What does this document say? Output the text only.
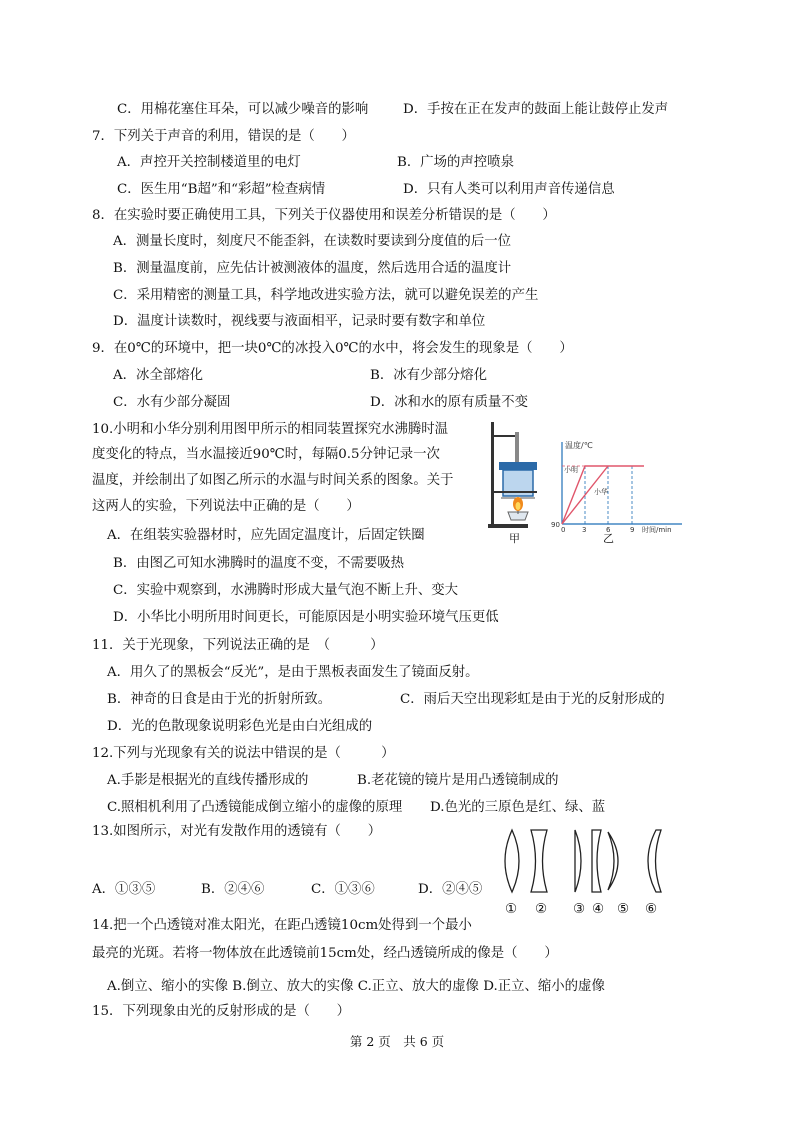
C．用棉花塞住耳朵，可以减少噪音的影响	D．手按在正在发声的鼓面上能让鼓停止发声
7．下列关于声音的利用，错误的是（　　）
A．声控开关控制楼道里的电灯	B．广场的声控喷泉
C．医生用“B超”和“彩超”检查病情	D．只有人类可以利用声音传递信息
8．在实验时要正确使用工具，下列关于仪器使用和误差分析错误的是（　　）
A．测量长度时，刻度尺不能歪斜，在读数时要读到分度值的后一位
B．测量温度前，应先估计被测液体的温度，然后选用合适的温度计
C．采用精密的测量工具，科学地改进实验方法，就可以避免误差的产生
D．温度计读数时，视线要与液面相平，记录时要有数字和单位
9．在0℃的环境中，把一块0℃的冰投入0℃的水中，将会发生的现象是（　　）
A．冰全部熔化	B．冰有少部分熔化
C．水有少部分凝固	D．冰和水的原有质量不变
10.小明和小华分别利用图甲所示的相同装置探究水沸腾时温
度变化的特点，当水温接近90℃时，每隔0.5分钟记录一次
温度，并绘制出了如图乙所示的水温与时间关系的图象。关于
这两人的实验，下列说法中正确的是（　　）
A．在组装实验器材时，应先固定温度计，后固定铁圈
B．由图乙可知水沸腾时的温度不变，不需要吸热
C．实验中观察到，水沸腾时形成大量气泡不断上升、变大
D．小华比小明所用时间更长，可能原因是小明实验环境气压更低
甲
温度/℃
90
0 3	6	9 时间/min
小明
小华
乙
11．关于光现象，下列说法正确的是　（　　　）
A．用久了的黑板会“反光”，是由于黑板表面发生了镜面反射。
B．神奇的日食是由于光的折射所致。	C．雨后天空出现彩虹是由于光的反射形成的
D．光的色散现象说明彩色光是由白光组成的
12.下列与光现象有关的说法中错误的是（　　　）
A.手影是根据光的直线传播形成的	B.老花镜的镜片是用凸透镜制成的
C.照相机利用了凸透镜能成倒立缩小的虚像的原理 D.色光的三原色是红、绿、蓝
13.如图所示，对光有发散作用的透镜有（　　）
A．①③⑤	B．②④⑥	C．①③⑥	D．②④⑤
① ② ③ ④ ⑤ ⑥
14.把一个凸透镜对准太阳光，在距凸透镜10cm处得到一个最小
最亮的光斑。若将一物体放在此透镜前15cm处，经凸透镜所成的像是（　　）
A.倒立、缩小的实像 B.倒立、放大的实像 C.正立、放大的虚像 D.正立、缩小的虚像
15．下列现象由光的反射形成的是（　　）
第 2 页　共 6 页
